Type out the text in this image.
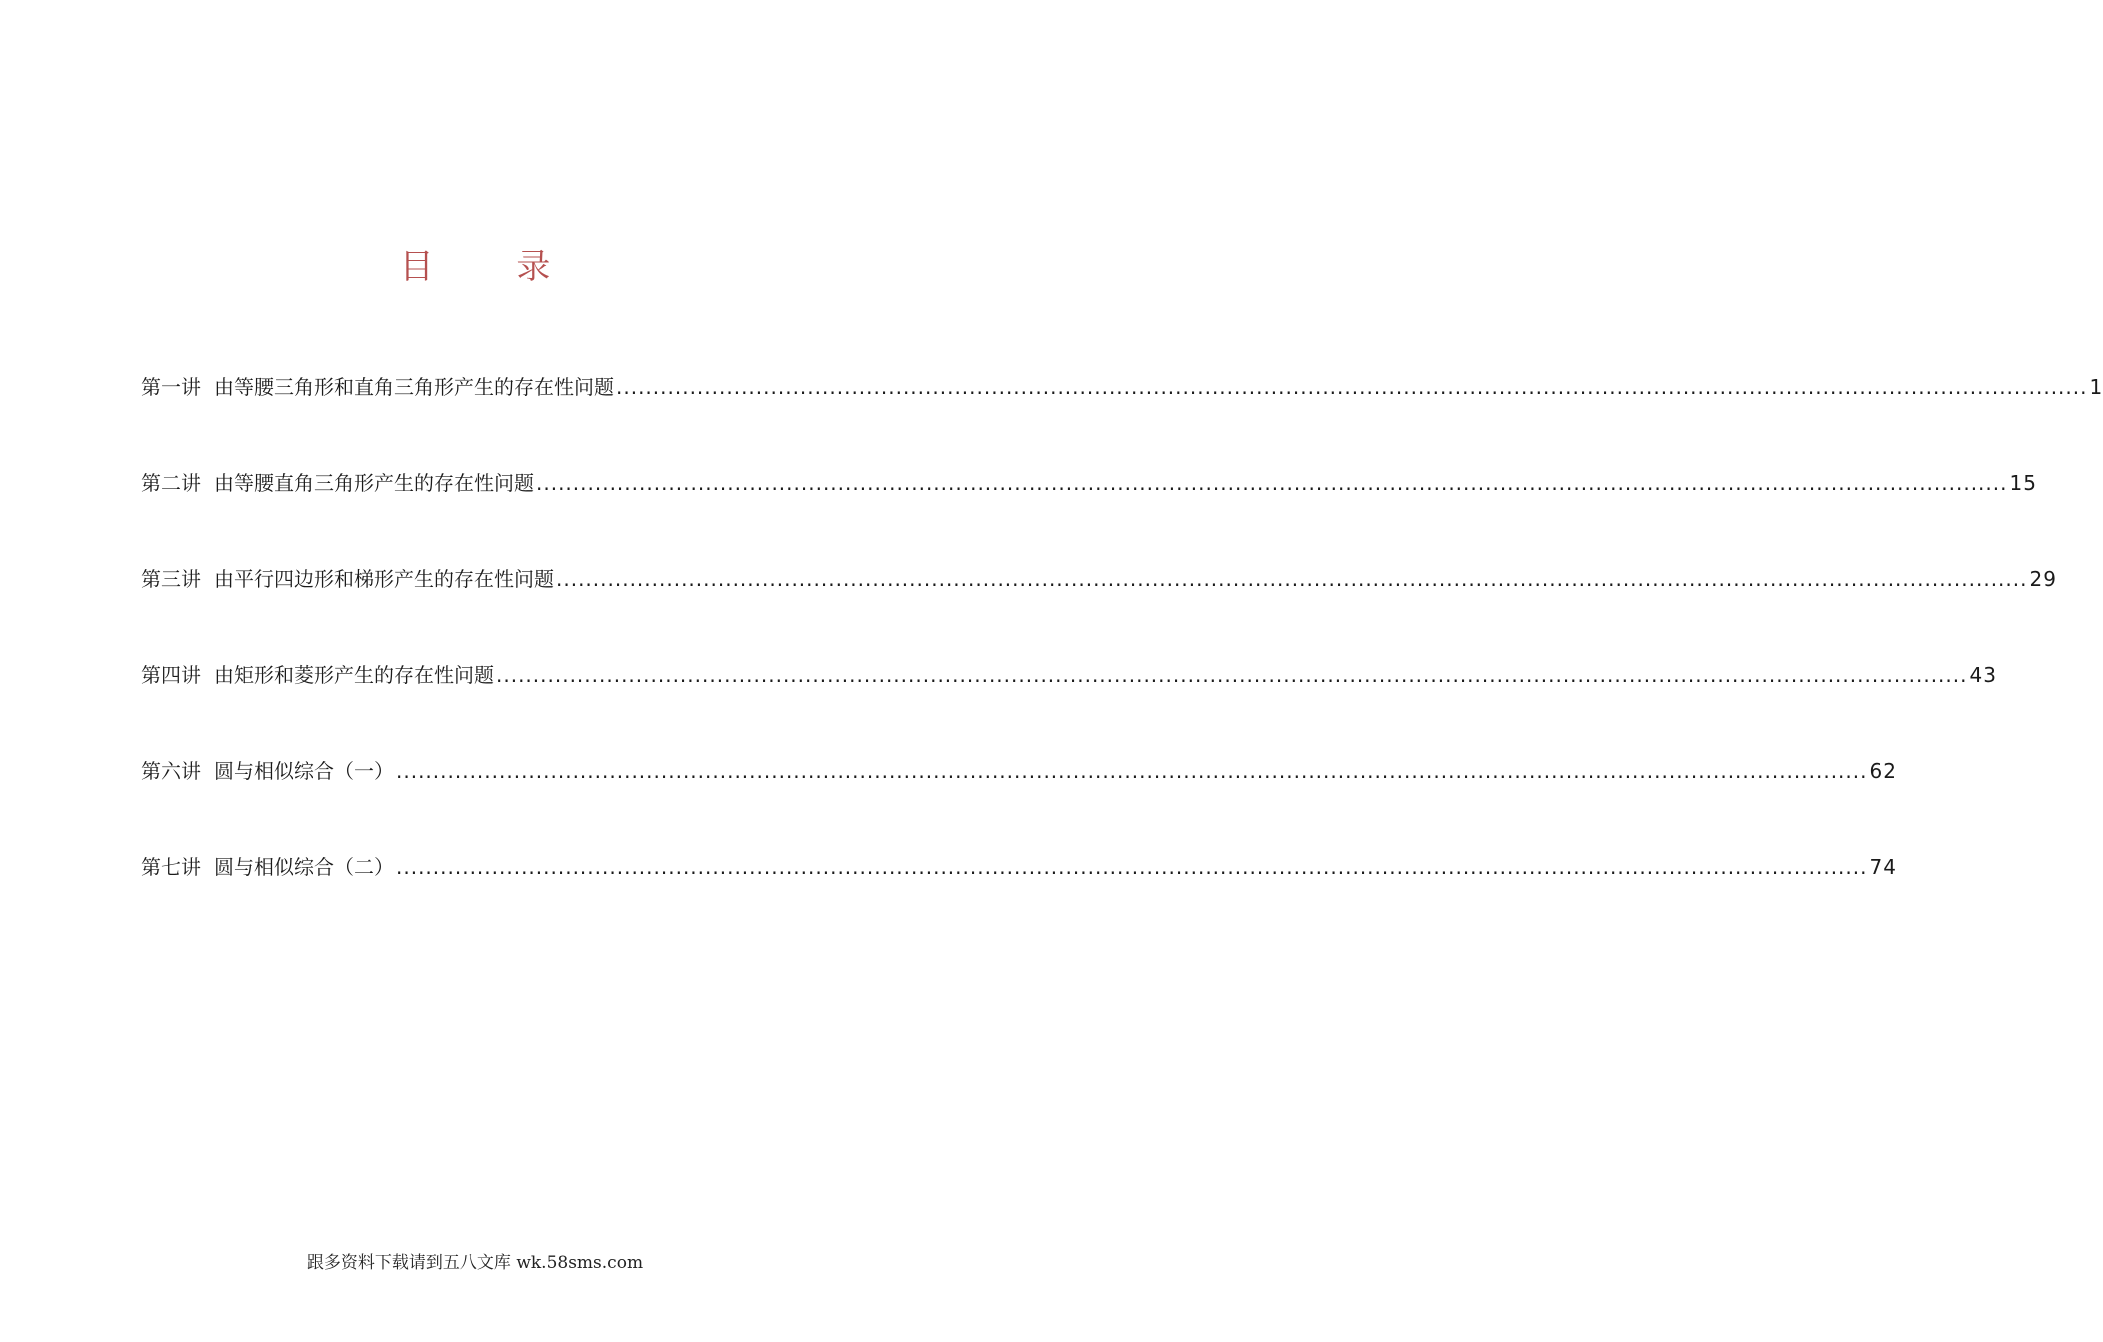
目 录
第一讲 由等腰三角形和直角三角形产生的存在性问题 ........................................................................................................................................................................................................ 1
第二讲 由等腰直角三角形产生的存在性问题 ........................................................................................................................................................................................................ 15
第三讲 由平行四边形和梯形产生的存在性问题 ........................................................................................................................................................................................................ 29
第四讲 由矩形和菱形产生的存在性问题 ........................................................................................................................................................................................................ 43
第六讲 圆与相似综合（一） ........................................................................................................................................................................................................ 62
第七讲 圆与相似综合（二） ........................................................................................................................................................................................................ 74
跟多资料下载请到五八文库 wk.58sms.com
